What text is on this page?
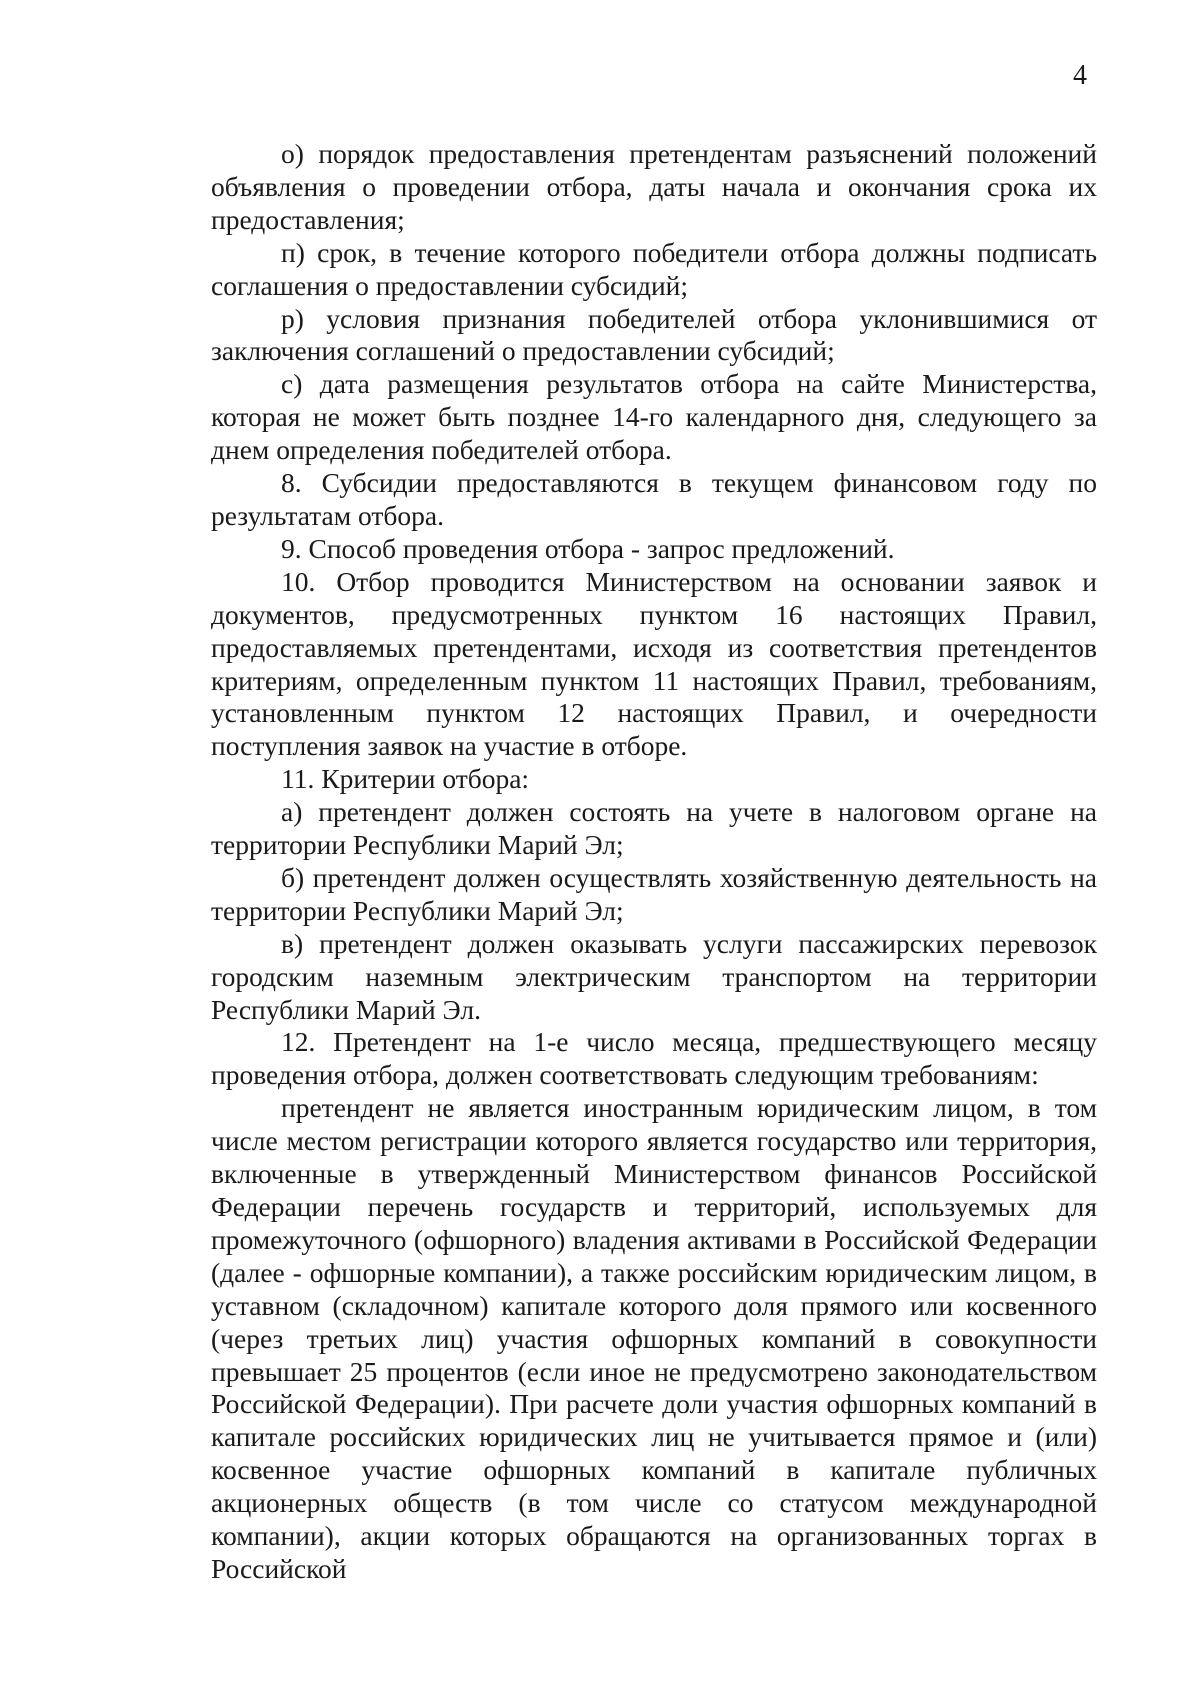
4

о) порядок предоставления претендентам разъяснений положений объявления о проведении отбора, даты начала и окончания срока их предоставления;

п) срок, в течение которого победители отбора должны подписать соглашения о предоставлении субсидий;

р) условия признания победителей отбора уклонившимися от заключения соглашений о предоставлении субсидий;

с) дата размещения результатов отбора на сайте Министерства, которая не может быть позднее 14-го календарного дня, следующего за днем определения победителей отбора.

8. Субсидии предоставляются в текущем финансовом году по результатам отбора.

9. Способ проведения отбора - запрос предложений.

10. Отбор проводится Министерством на основании заявок и документов, предусмотренных пунктом 16 настоящих Правил, предоставляемых претендентами, исходя из соответствия претендентов критериям, определенным пунктом 11 настоящих Правил, требованиям, установленным пунктом 12 настоящих Правил, и очередности поступления заявок на участие в отборе.

11. Критерии отбора:

а) претендент должен состоять на учете в налоговом органе на территории Республики Марий Эл;

б) претендент должен осуществлять хозяйственную деятельность на территории Республики Марий Эл;

в) претендент должен оказывать услуги пассажирских перевозок городским наземным электрическим транспортом на территории Республики Марий Эл.

12. Претендент на 1-е число месяца, предшествующего месяцу проведения отбора, должен соответствовать следующим требованиям:

претендент не является иностранным юридическим лицом, в том числе местом регистрации которого является государство или территория, включенные в утвержденный Министерством финансов Российской Федерации перечень государств и территорий, используемых для промежуточного (офшорного) владения активами в Российской Федерации (далее - офшорные компании), а также российским юридическим лицом, в уставном (складочном) капитале которого доля прямого или косвенного (через третьих лиц) участия офшорных компаний в совокупности превышает 25 процентов (если иное не предусмотрено законодательством Российской Федерации). При расчете доли участия офшорных компаний в капитале российских юридических лиц не учитывается прямое и (или) косвенное участие офшорных компаний в капитале публичных акционерных обществ (в том числе со статусом международной компании), акции которых обращаются на организованных торгах в Российской
